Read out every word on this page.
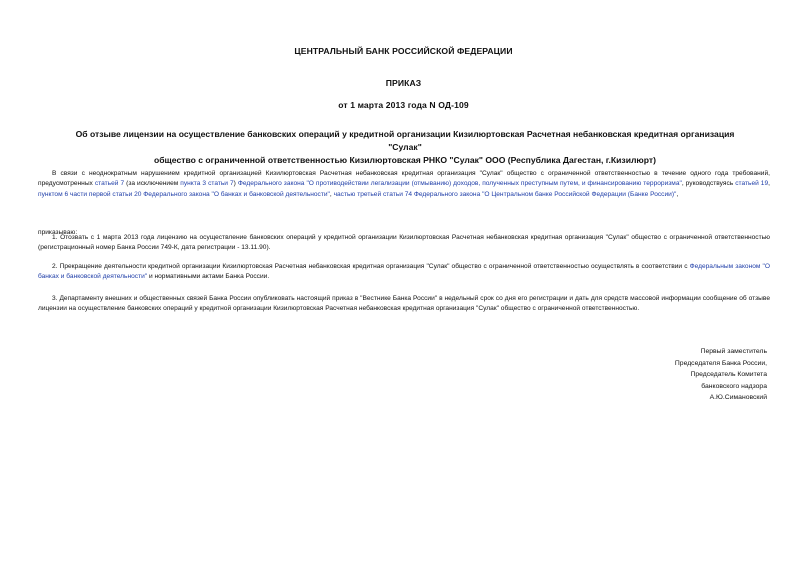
ЦЕНТРАЛЬНЫЙ БАНК РОССИЙСКОЙ ФЕДЕРАЦИИ
ПРИКАЗ
от 1 марта 2013 года N ОД-109
Об отзыве лицензии на осуществление банковских операций у кредитной организации Кизилюртовская Расчетная небанковская кредитная организация "Сулак"
общество с ограниченной ответственностью Кизилюртовская РНКО "Сулак" ООО (Республика Дагестан, г.Кизилюрт)

В связи с неоднократным нарушением кредитной организацией Кизилюртовская Расчетная небанковская кредитная организация "Сулак" общество с ограниченной ответственностью в течение одного года требований, предусмотренных статьей 7 (за исключением пункта 3 статьи 7) Федерального закона "О противодействии легализации (отмыванию) доходов, полученных преступным путем, и финансированию терроризма", руководствуясь статьей 19, пунктом 6 части первой статьи 20 Федерального закона "О банках и банковской деятельности", частью третьей статьи 74 Федерального закона "О Центральном банке Российской Федерации (Банке России)",

приказываю:

1. Отозвать с 1 марта 2013 года лицензию на осуществление банковских операций у кредитной организации Кизилюртовская Расчетная небанковская кредитная организация "Сулак" общество с ограниченной ответственностью (регистрационный номер Банка России 749-К, дата регистрации - 13.11.90).

2. Прекращение деятельности кредитной организации Кизилюртовская Расчетная небанковская кредитная организация "Сулак" общество с ограниченной ответственностью осуществлять в соответствии с Федеральным законом "О банках и банковской деятельности" и нормативными актами Банка России.

3. Департаменту внешних и общественных связей Банка России опубликовать настоящий приказ в "Вестнике Банка России" в недельный срок со дня его регистрации и дать для средств массовой информации сообщение об отзыве лицензии на осуществление банковских операций у кредитной организации Кизилюртовская Расчетная небанковская кредитная организация "Сулак" общество с ограниченной ответственностью.

Первый заместитель
Председателя Банка России,
Председатель Комитета
банковского надзора
А.Ю.Симановский
